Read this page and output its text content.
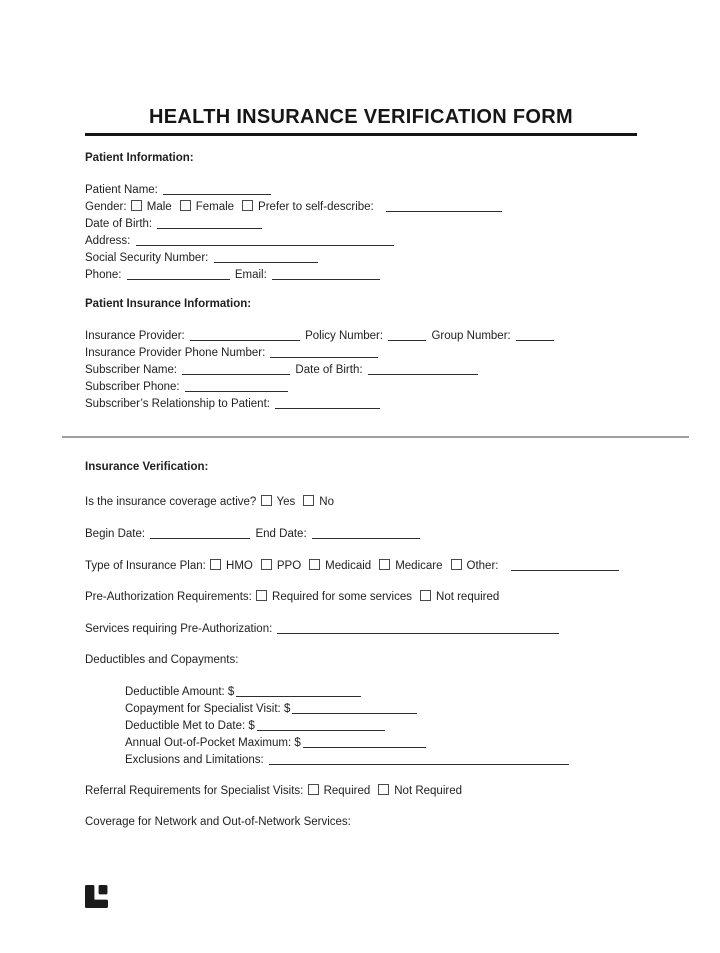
HEALTH INSURANCE VERIFICATION FORM
Patient Information:
Patient Name:
Gender: Male Female Prefer to self-describe:
Date of Birth:
Address:
Social Security Number:
Phone:	Email:
Patient Insurance Information:
Insurance Provider:	Policy Number:	Group Number:
Insurance Provider Phone Number:
Subscriber Name:	Date of Birth:
Subscriber Phone:
Subscriber’s Relationship to Patient:
Insurance Verification:
Is the insurance coverage active? Yes No
Begin Date:	End Date:
Type of Insurance Plan: HMO PPO Medicaid Medicare Other:
Pre-Authorization Requirements: Required for some services Not required
Services requiring Pre-Authorization:
Deductibles and Copayments:
Deductible Amount: $
Copayment for Specialist Visit: $
Deductible Met to Date: $
Annual Out-of-Pocket Maximum: $
Exclusions and Limitations:
Referral Requirements for Specialist Visits: Required Not Required
Coverage for Network and Out-of-Network Services:
